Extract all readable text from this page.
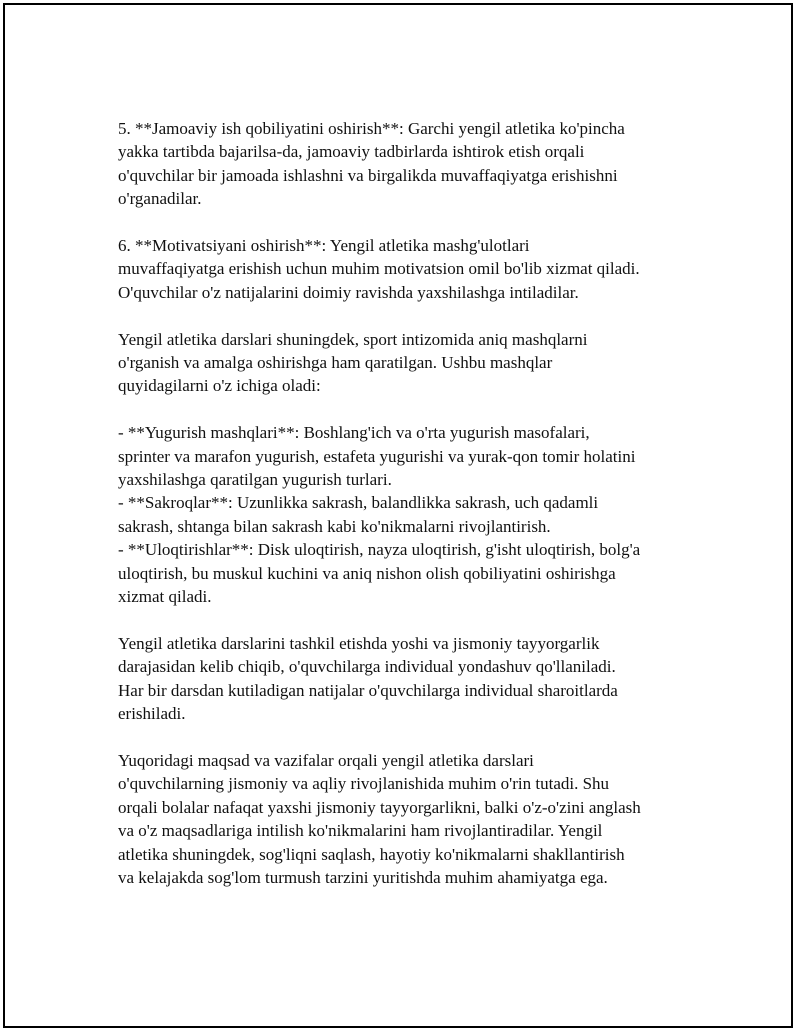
5. **Jamoaviy ish qobiliyatini oshirish**: Garchi yengil atletika ko'pincha
yakka tartibda bajarilsa-da, jamoaviy tadbirlarda ishtirok etish orqali
o'quvchilar bir jamoada ishlashni va birgalikda muvaffaqiyatga erishishni
o'rganadilar.

6. **Motivatsiyani oshirish**: Yengil atletika mashg'ulotlari
muvaffaqiyatga erishish uchun muhim motivatsion omil bo'lib xizmat qiladi.
O'quvchilar o'z natijalarini doimiy ravishda yaxshilashga intiladilar.

Yengil atletika darslari shuningdek, sport intizomida aniq mashqlarni
o'rganish va amalga oshirishga ham qaratilgan. Ushbu mashqlar
quyidagilarni o'z ichiga oladi:

- **Yugurish mashqlari**: Boshlang'ich va o'rta yugurish masofalari,
sprinter va marafon yugurish, estafeta yugurishi va yurak-qon tomir holatini
yaxshilashga qaratilgan yugurish turlari.
- **Sakroqlar**: Uzunlikka sakrash, balandlikka sakrash, uch qadamli
sakrash, shtanga bilan sakrash kabi ko'nikmalarni rivojlantirish.
- **Uloqtirishlar**: Disk uloqtirish, nayza uloqtirish, g'isht uloqtirish, bolg'a
uloqtirish, bu muskul kuchini va aniq nishon olish qobiliyatini oshirishga
xizmat qiladi.

Yengil atletika darslarini tashkil etishda yoshi va jismoniy tayyorgarlik
darajasidan kelib chiqib, o'quvchilarga individual yondashuv qo'llaniladi.
Har bir darsdan kutiladigan natijalar o'quvchilarga individual sharoitlarda
erishiladi.

Yuqoridagi maqsad va vazifalar orqali yengil atletika darslari
o'quvchilarning jismoniy va aqliy rivojlanishida muhim o'rin tutadi. Shu
orqali bolalar nafaqat yaxshi jismoniy tayyorgarlikni, balki o'z-o'zini anglash
va o'z maqsadlariga intilish ko'nikmalarini ham rivojlantiradilar. Yengil
atletika shuningdek, sog'liqni saqlash, hayotiy ko'nikmalarni shakllantirish
va kelajakda sog'lom turmush tarzini yuritishda muhim ahamiyatga ega.
